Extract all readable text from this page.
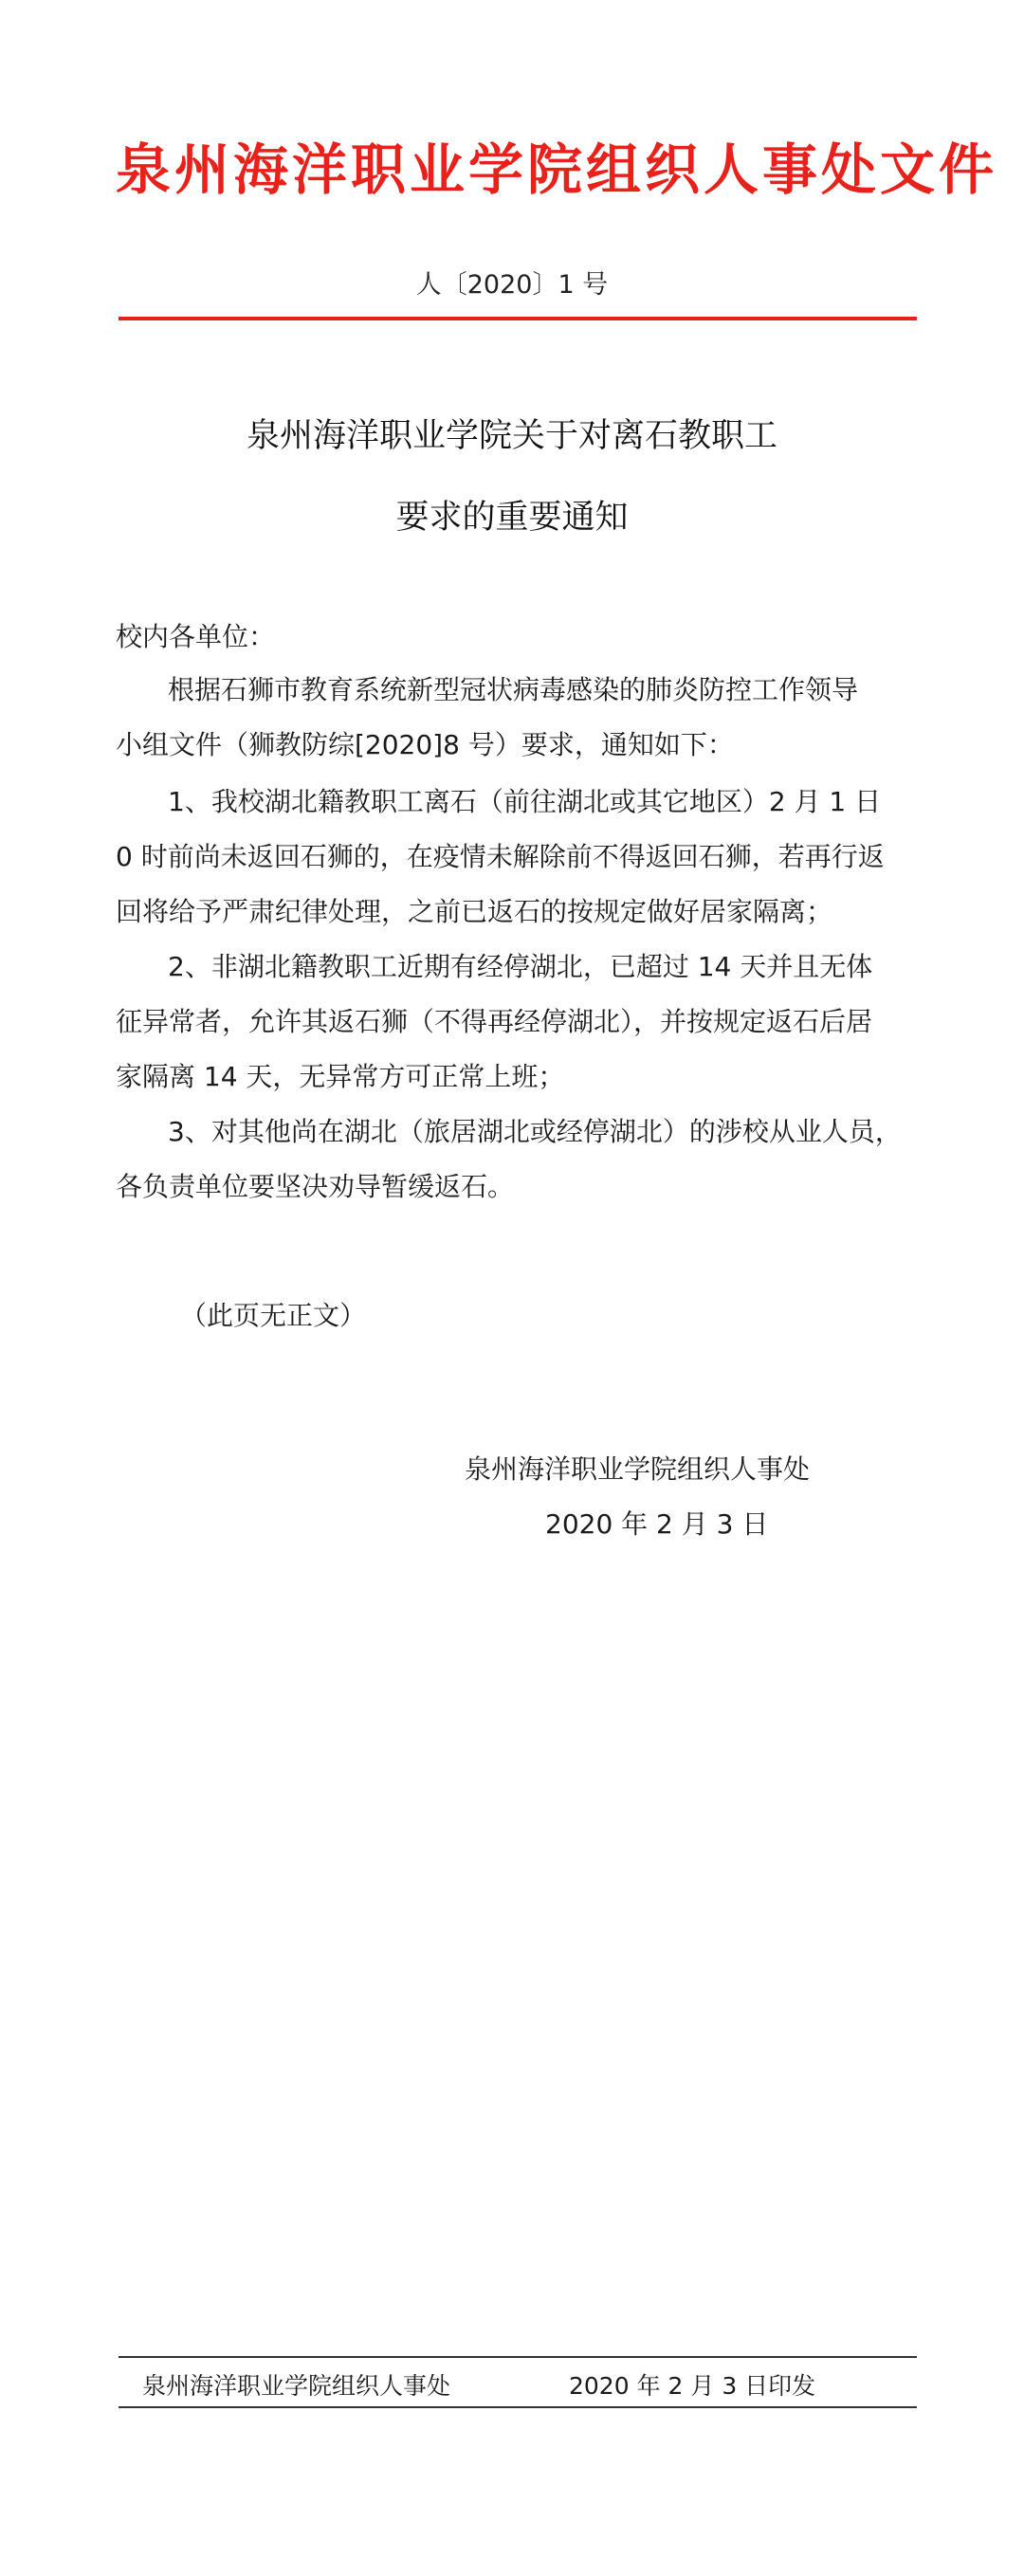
泉州海洋职业学院组织人事处文件
人〔2020〕1 号
泉州海洋职业学院关于对离石教职工
要求的重要通知
校内各单位：
根据石狮市教育系统新型冠状病毒感染的肺炎防控工作领导
小组文件（狮教防综[2020]8 号）要求，通知如下：
1、我校湖北籍教职工离石（前往湖北或其它地区）2 月 1 日
0 时前尚未返回石狮的，在疫情未解除前不得返回石狮，若再行返
回将给予严肃纪律处理，之前已返石的按规定做好居家隔离；
2、非湖北籍教职工近期有经停湖北，已超过 14 天并且无体
征异常者，允许其返石狮（不得再经停湖北），并按规定返石后居
家隔离 14 天，无异常方可正常上班；
3、对其他尚在湖北（旅居湖北或经停湖北）的涉校从业人员，
各负责单位要坚决劝导暂缓返石。
（此页无正文）
泉州海洋职业学院组织人事处
2020 年 2 月 3 日
泉州海洋职业学院组织人事处	2020 年 2 月 3 日印发
